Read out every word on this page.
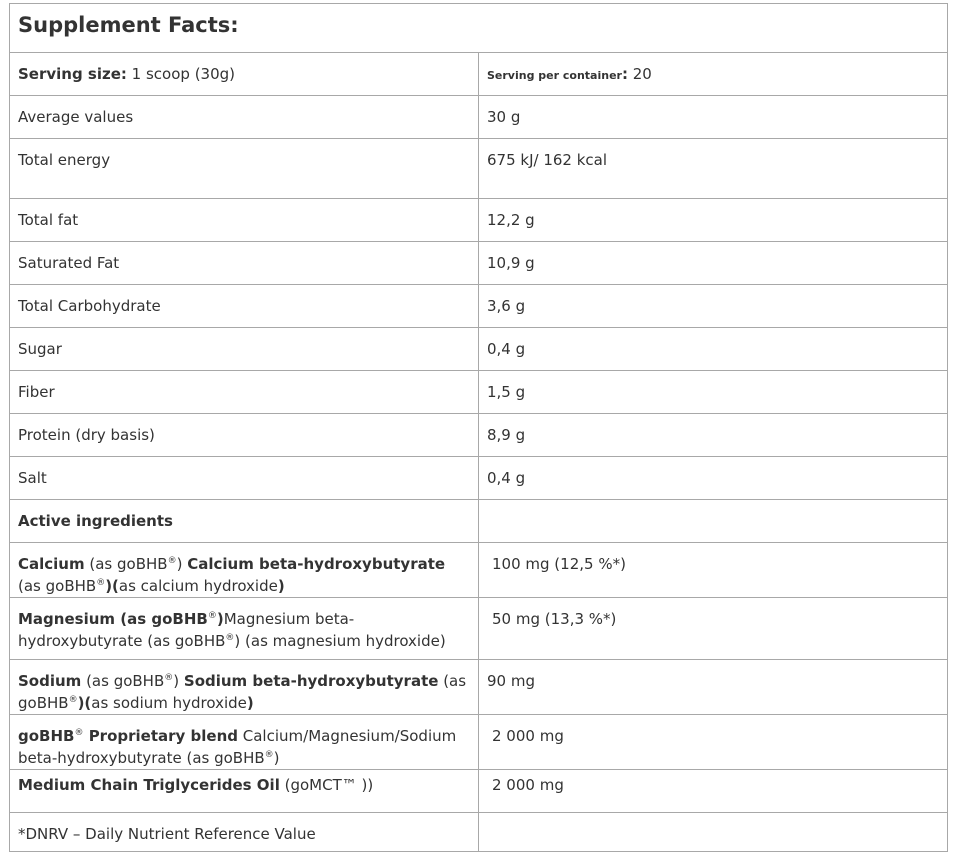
Supplement Facts:	
Serving size: 1 scoop (30g)	Serving per container: 20
Average values	30 g
Total energy	675 kJ/ 162 kcal
Total fat	12,2 g
Saturated Fat	10,9 g
Total Carbohydrate	3,6 g
Sugar	0,4 g
Fiber	1,5 g
Protein (dry basis)	8,9 g
Salt	0,4 g
Active ingredients	
Calcium (as goBHB®) Calcium beta-hydroxybutyrate (as goBHB®)(as calcium hydroxide)	100 mg (12,5 %*)
Magnesium (as goBHB®)Magnesium beta-hydroxybutyrate (as goBHB®) (as magnesium hydroxide)	50 mg (13,3 %*)
Sodium (as goBHB®) Sodium beta-hydroxybutyrate (as goBHB®)(as sodium hydroxide)	90 mg
goBHB® Proprietary blend Calcium/Magnesium/Sodium beta-hydroxybutyrate (as goBHB®)	2 000 mg
Medium Chain Triglycerides Oil (goMCT™ ))	2 000 mg
*DNRV – Daily Nutrient Reference Value	
